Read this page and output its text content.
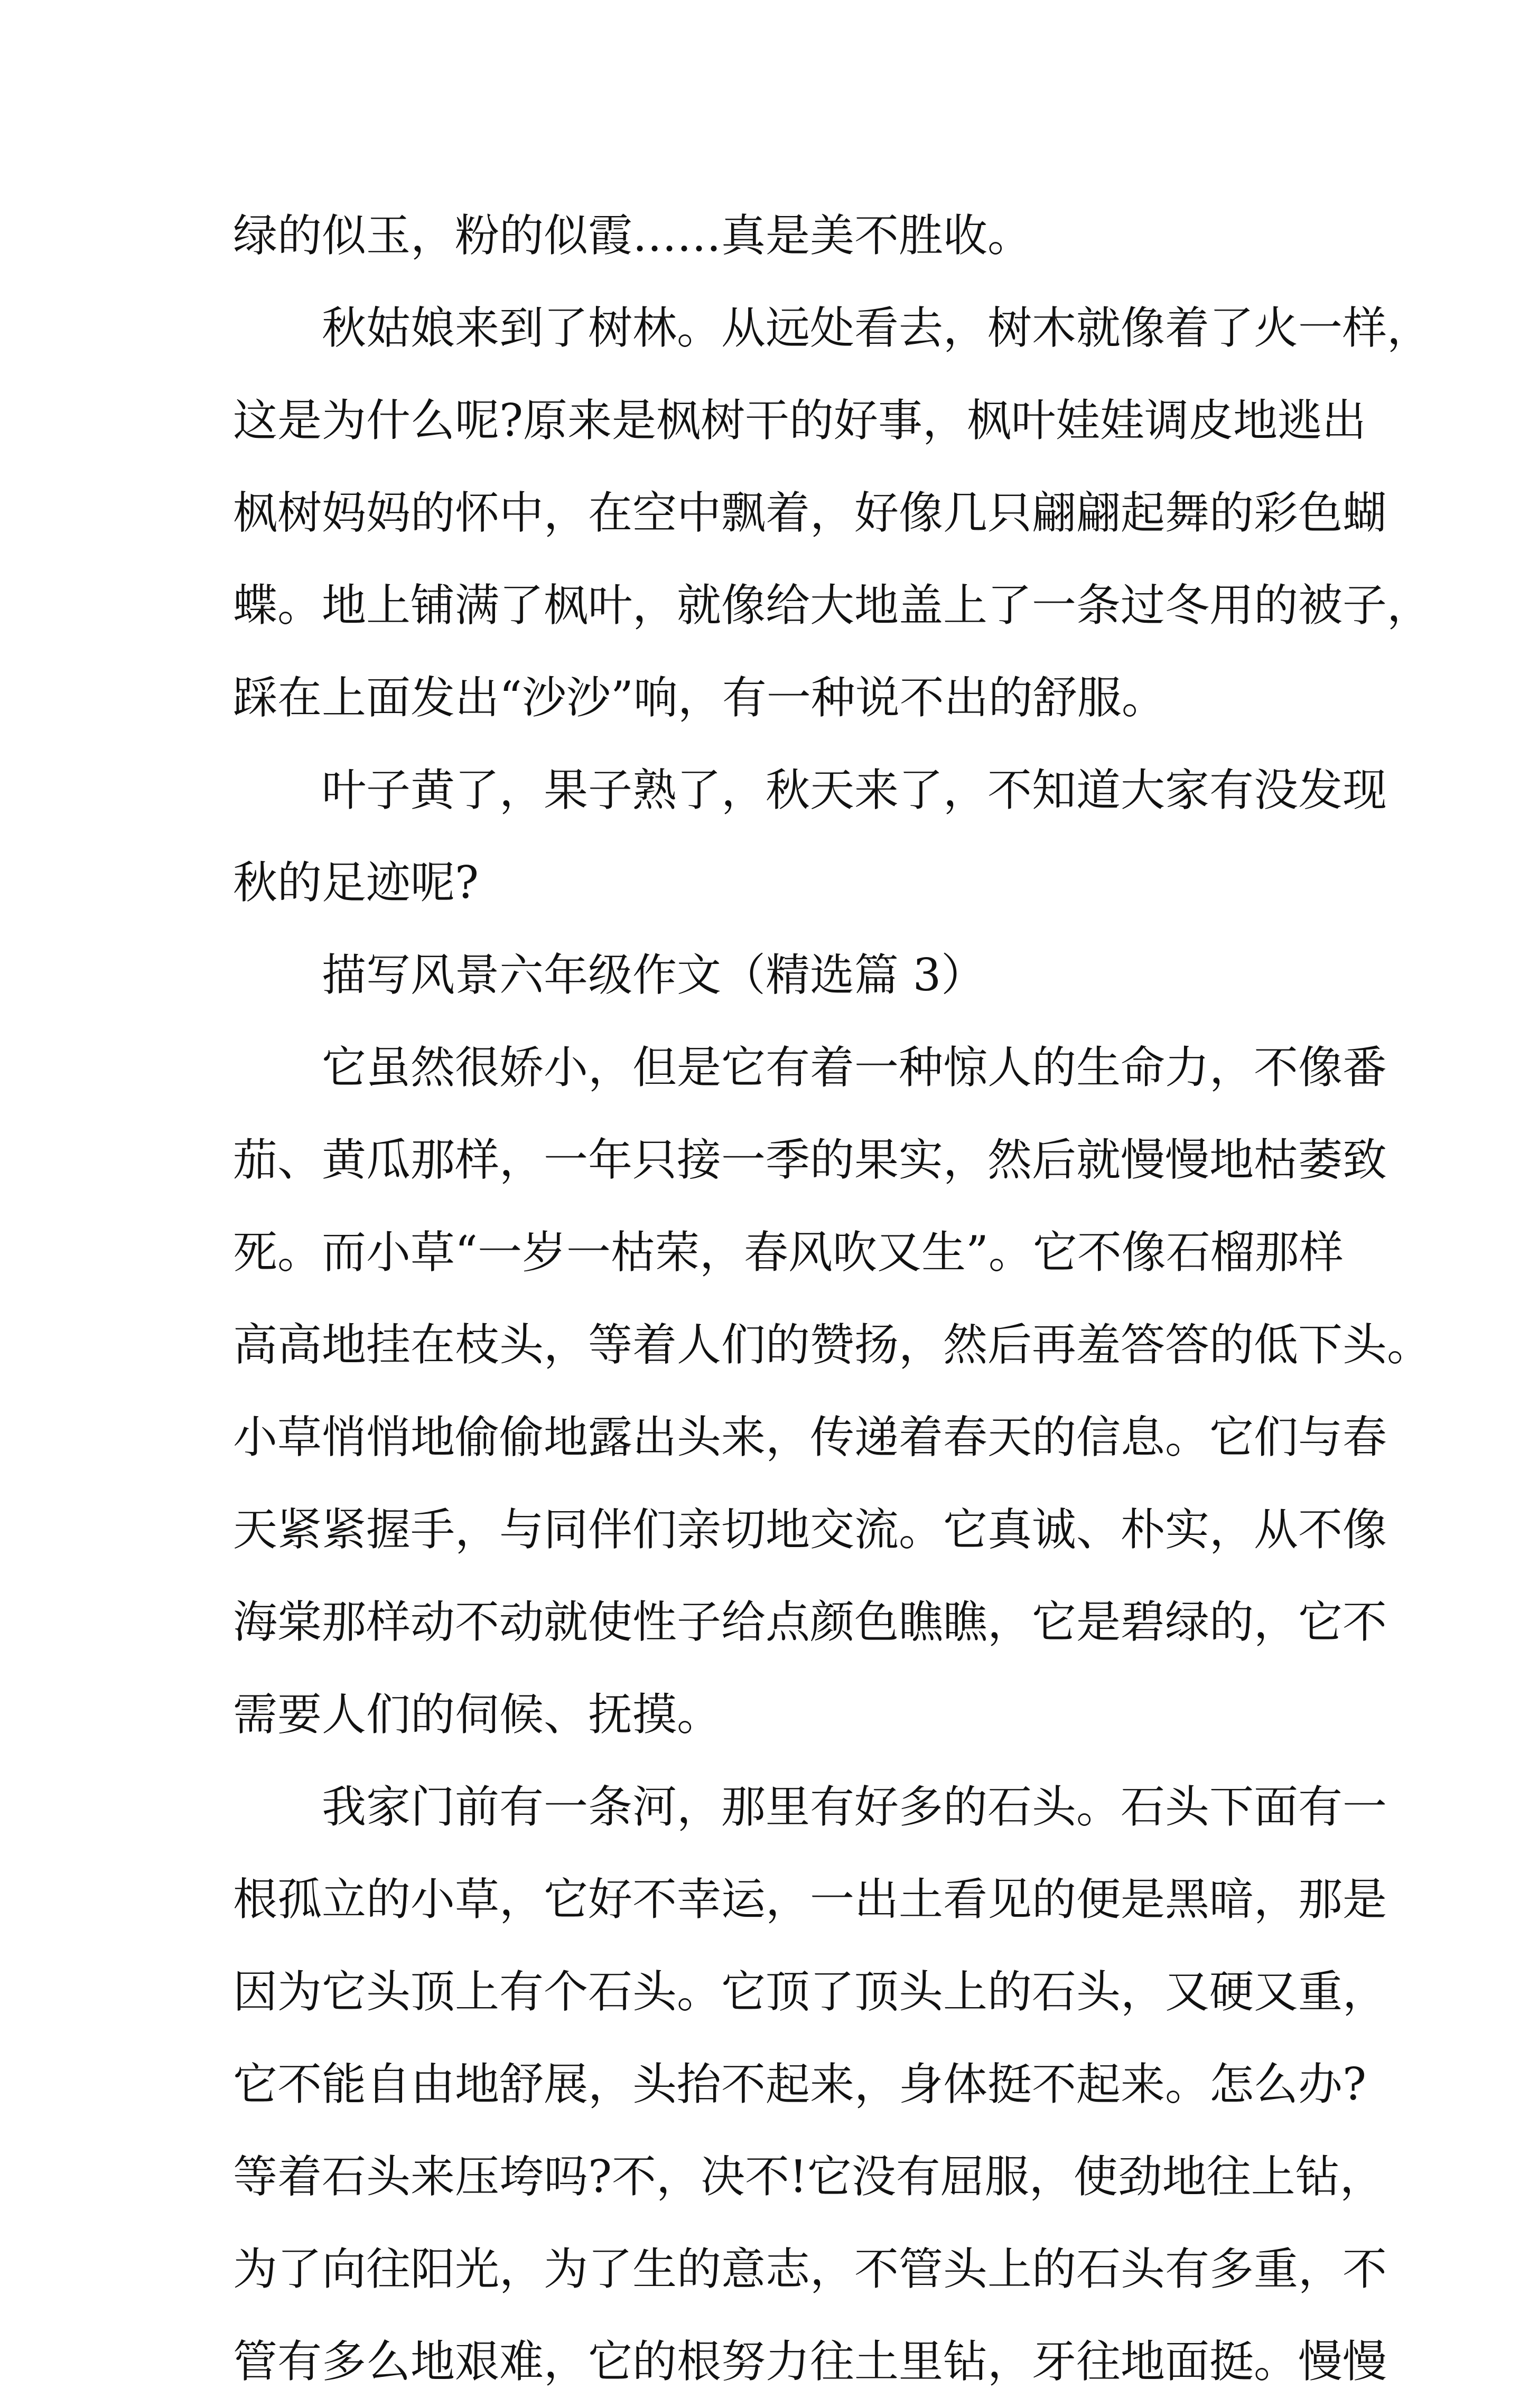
绿的似玉，粉的似霞……真是美不胜收。
秋姑娘来到了树林。从远处看去，树木就像着了火一样，
这是为什么呢?原来是枫树干的好事，枫叶娃娃调皮地逃出
枫树妈妈的怀中，在空中飘着，好像几只翩翩起舞的彩色蝴
蝶。地上铺满了枫叶，就像给大地盖上了一条过冬用的被子，
踩在上面发出“沙沙”响，有一种说不出的舒服。
叶子黄了，果子熟了，秋天来了，不知道大家有没发现
秋的足迹呢?
描写风景六年级作文（精选篇 3）
它虽然很娇小，但是它有着一种惊人的生命力，不像番
茄、黄瓜那样，一年只接一季的果实，然后就慢慢地枯萎致
死。而小草“一岁一枯荣，春风吹又生”。它不像石榴那样
高高地挂在枝头，等着人们的赞扬，然后再羞答答的低下头。
小草悄悄地偷偷地露出头来，传递着春天的信息。它们与春
天紧紧握手，与同伴们亲切地交流。它真诚、朴实，从不像
海棠那样动不动就使性子给点颜色瞧瞧，它是碧绿的，它不
需要人们的伺候、抚摸。
我家门前有一条河，那里有好多的石头。石头下面有一
根孤立的小草，它好不幸运，一出土看见的便是黑暗，那是
因为它头顶上有个石头。它顶了顶头上的石头，又硬又重，
它不能自由地舒展，头抬不起来，身体挺不起来。怎么办?
等着石头来压垮吗?不，决不!它没有屈服，使劲地往上钻，
为了向往阳光，为了生的意志，不管头上的石头有多重，不
管有多么地艰难，它的根努力往土里钻，牙往地面挺。慢慢
